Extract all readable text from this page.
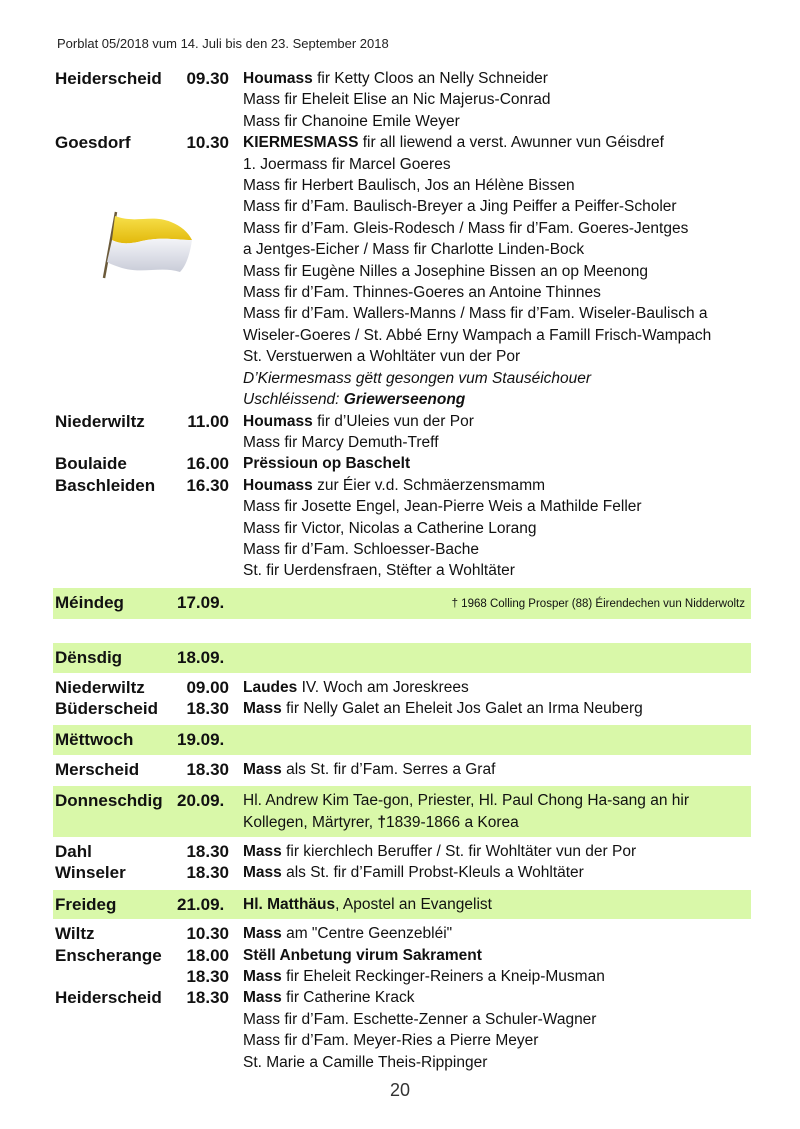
Porblat 05/2018 vum 14. Juli bis den 23. September 2018
Heiderscheid	09.30 Houmass fir Ketty Cloos an Nelly Schneider
Mass fir Eheleit Elise an Nic Majerus-Conrad
Mass fir Chanoine Emile Weyer
Goesdorf	10.30 KIERMESMASS fir all liewend a verst. Awunner vun Géisdref
1. Joermass fir Marcel Goeres
Mass fir Herbert Baulisch, Jos an Hélène Bissen
Mass fir d’Fam. Baulisch-Breyer a Jing Peiffer a Peiffer-Scholer
Mass fir d’Fam. Gleis-Rodesch / Mass fir d’Fam. Goeres-Jentges
a Jentges-Eicher / Mass fir Charlotte Linden-Bock
Mass fir Eugène Nilles a Josephine Bissen an op Meenong
Mass fir d’Fam. Thinnes-Goeres an Antoine Thinnes
Mass fir d’Fam. Wallers-Manns / Mass fir d’Fam. Wiseler-Baulisch a
Wiseler-Goeres / St. Abbé Erny Wampach a Famill Frisch-Wampach
St. Verstuerwen a Wohltäter vun der Por
D’Kiermesmass gëtt gesongen vum Stauséichouer
Uschléissend: Griewerseenong
Niederwiltz	11.00 Houmass fir d’Uleies vun der Por
Mass fir Marcy Demuth-Treff
Boulaide	16.00 Prëssioun op Baschelt
Baschleiden	16.30 Houmass zur Éier v.d. Schmäerzensmamm
Mass fir Josette Engel, Jean-Pierre Weis a Mathilde Feller
Mass fir Victor, Nicolas a Catherine Lorang
Mass fir d’Fam. Schloesser-Bache
St. fir Uerdensfraen, Stëfter a Wohltäter
Méindeg	17.09.	† 1968 Colling Prosper (88) Éirendechen vun Nidderwoltz
Dënsdig	18.09.
Niederwiltz	09.00 Laudes IV. Woch am Joreskrees
Büderscheid	18.30 Mass fir Nelly Galet an Eheleit Jos Galet an Irma Neuberg
Mëttwoch	19.09.
Merscheid	18.30 Mass als St. fir d’Fam. Serres a Graf
Donneschdig 20.09.	Hl. Andrew Kim Tae-gon, Priester, Hl. Paul Chong Ha-sang an hir
Kollegen, Märtyrer, †1839-1866 a Korea
Dahl	18.30 Mass fir kierchlech Beruffer / St. fir Wohltäter vun der Por
Winseler	18.30 Mass als St. fir d’Famill Probst-Kleuls a Wohltäter
Freideg	21.09.	Hl. Matthäus, Apostel an Evangelist
Wiltz	10.30 Mass am "Centre Geenzebléi"
Enscherange	18.00 Stëll Anbetung virum Sakrament
18.30 Mass fir Eheleit Reckinger-Reiners a Kneip-Musman
Heiderscheid	18.30 Mass fir Catherine Krack
Mass fir d’Fam. Eschette-Zenner a Schuler-Wagner
Mass fir d’Fam. Meyer-Ries a Pierre Meyer
St. Marie a Camille Theis-Rippinger
20
